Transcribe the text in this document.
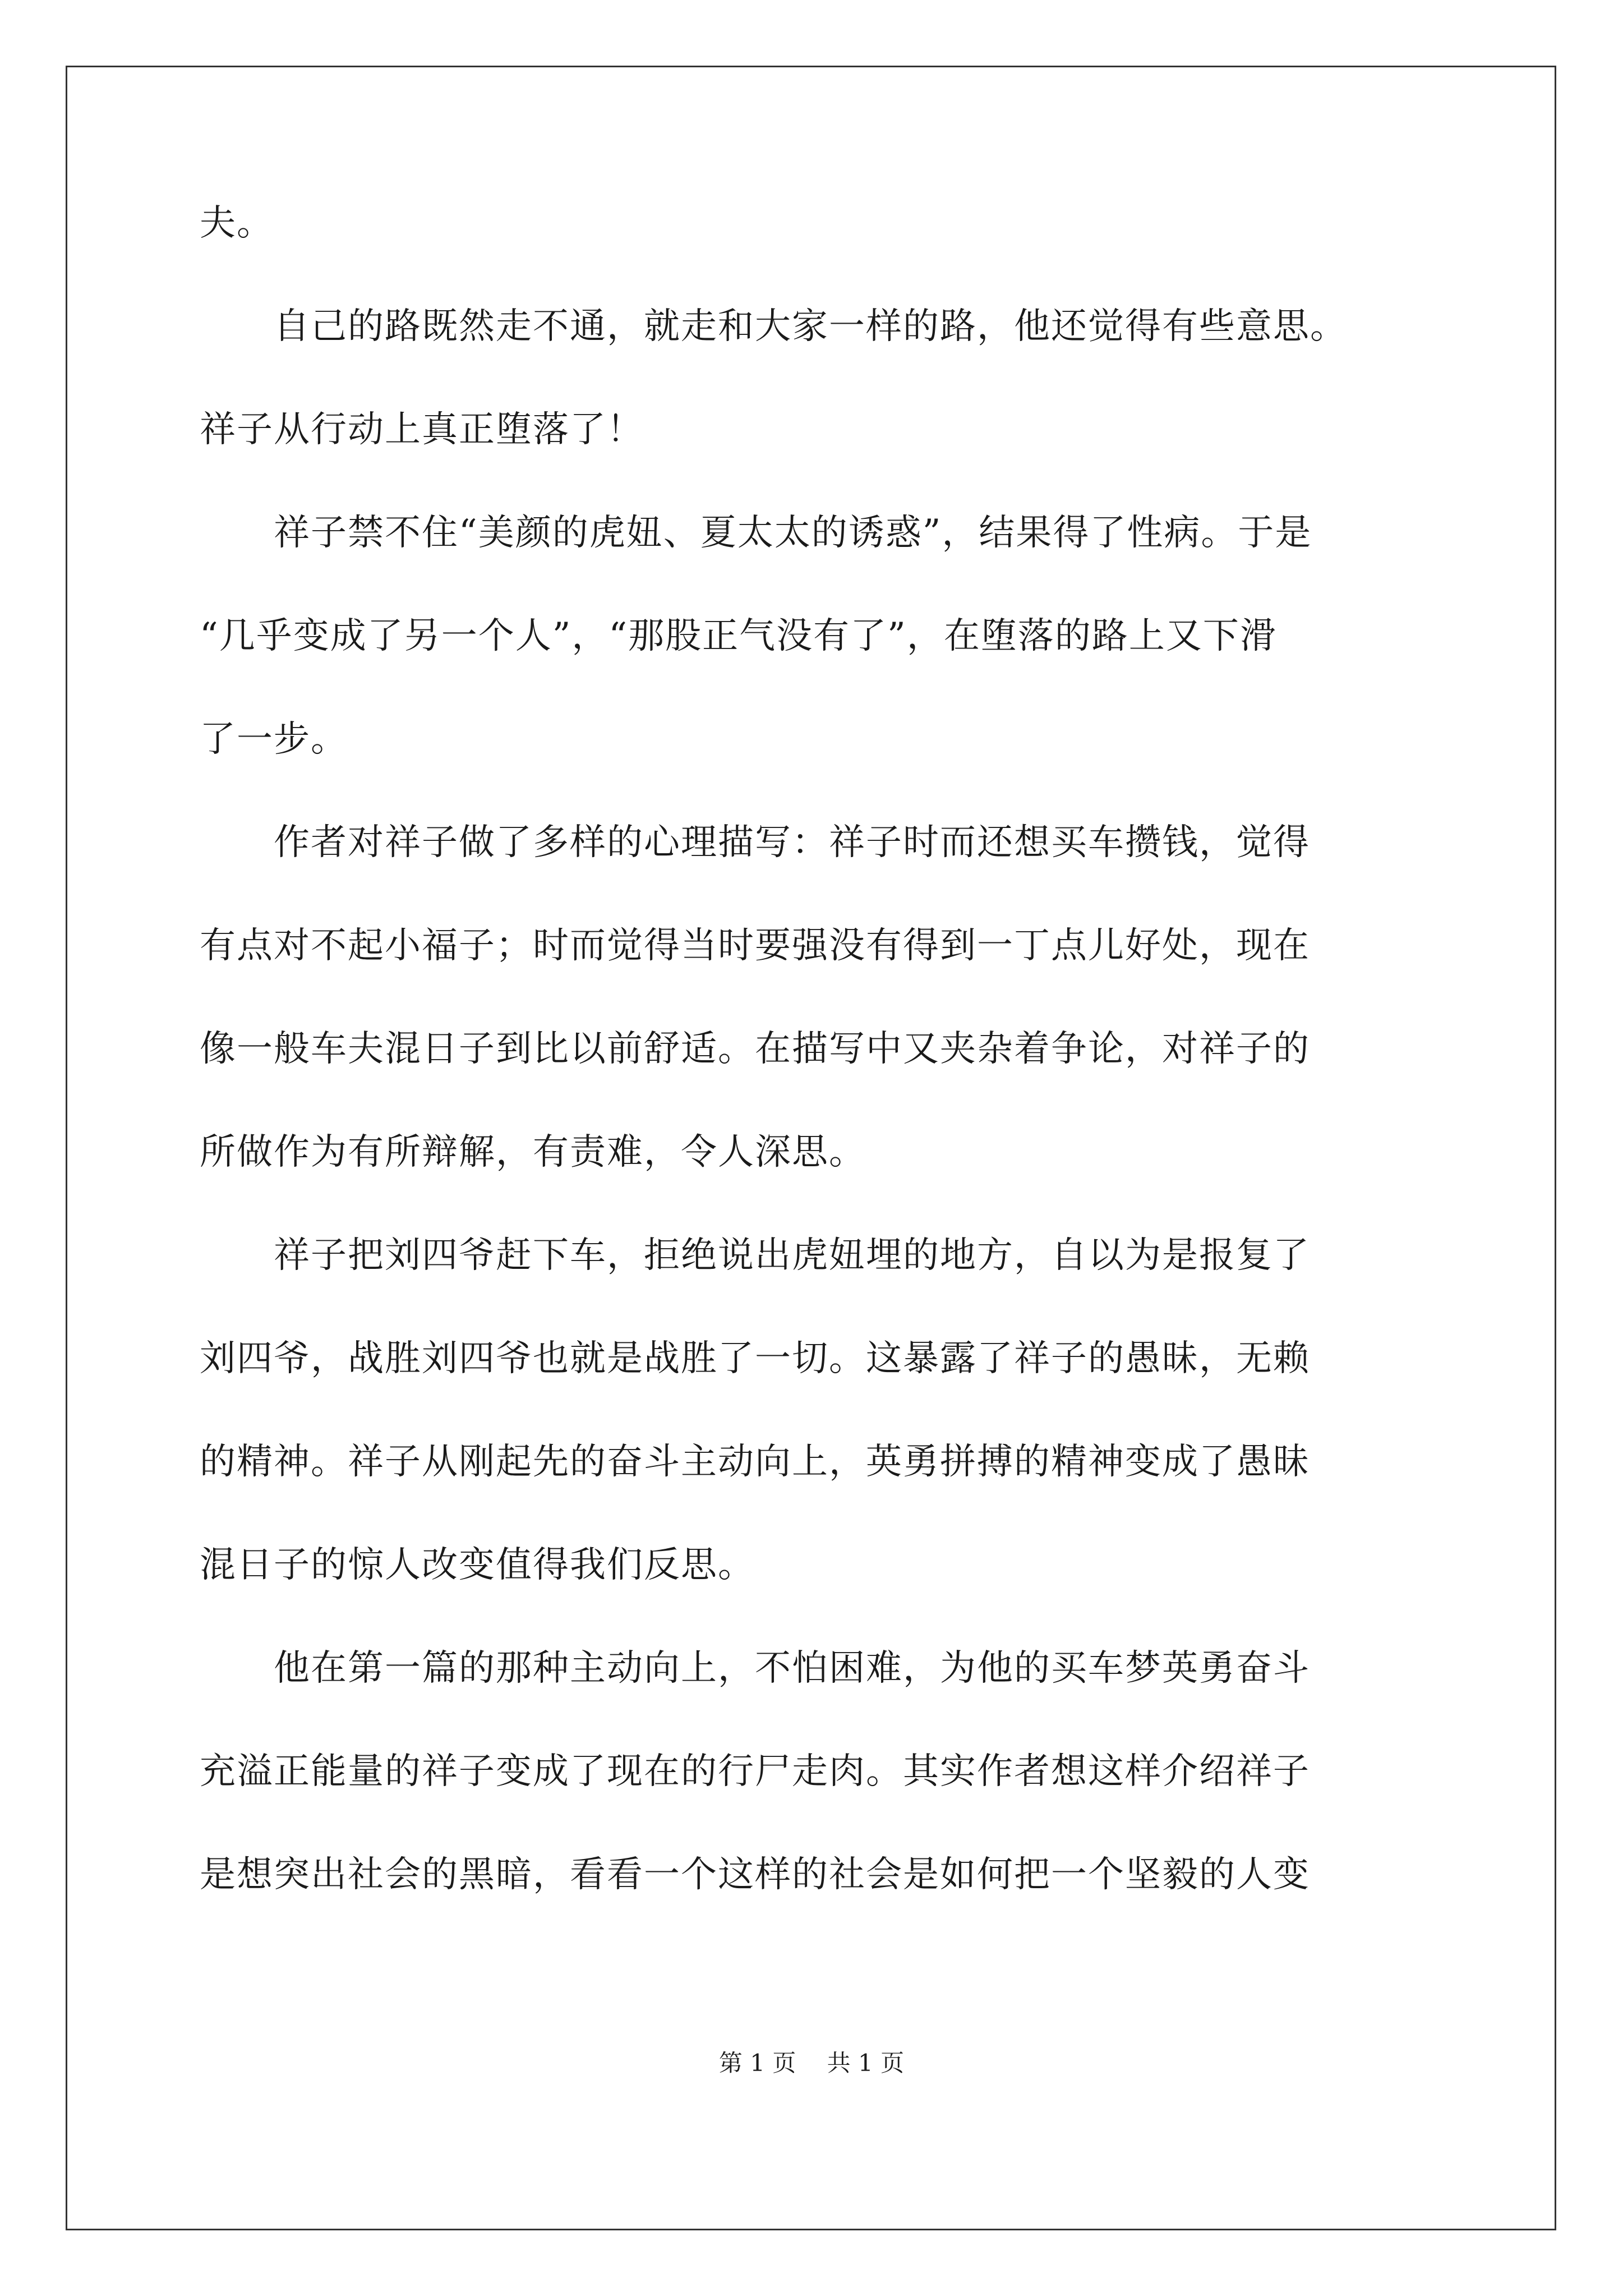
夫。
　　自己的路既然走不通，就走和大家一样的路，他还觉得有些意思。
祥子从行动上真正堕落了！
　　祥子禁不住“美颜的虎妞、夏太太的诱惑”，结果得了性病。于是
“几乎变成了另一个人”，“那股正气没有了”，在堕落的路上又下滑
了一步。
　　作者对祥子做了多样的心理描写：祥子时而还想买车攒钱，觉得
有点对不起小福子；时而觉得当时要强没有得到一丁点儿好处，现在
像一般车夫混日子到比以前舒适。在描写中又夹杂着争论，对祥子的
所做作为有所辩解，有责难，令人深思。
　　祥子把刘四爷赶下车，拒绝说出虎妞埋的地方，自以为是报复了
刘四爷，战胜刘四爷也就是战胜了一切。这暴露了祥子的愚昧，无赖
的精神。祥子从刚起先的奋斗主动向上，英勇拼搏的精神变成了愚昧
混日子的惊人改变值得我们反思。
　　他在第一篇的那种主动向上，不怕困难，为他的买车梦英勇奋斗
充溢正能量的祥子变成了现在的行尸走肉。其实作者想这样介绍祥子
是想突出社会的黑暗，看看一个这样的社会是如何把一个坚毅的人变
第 1 页　 共 1 页
